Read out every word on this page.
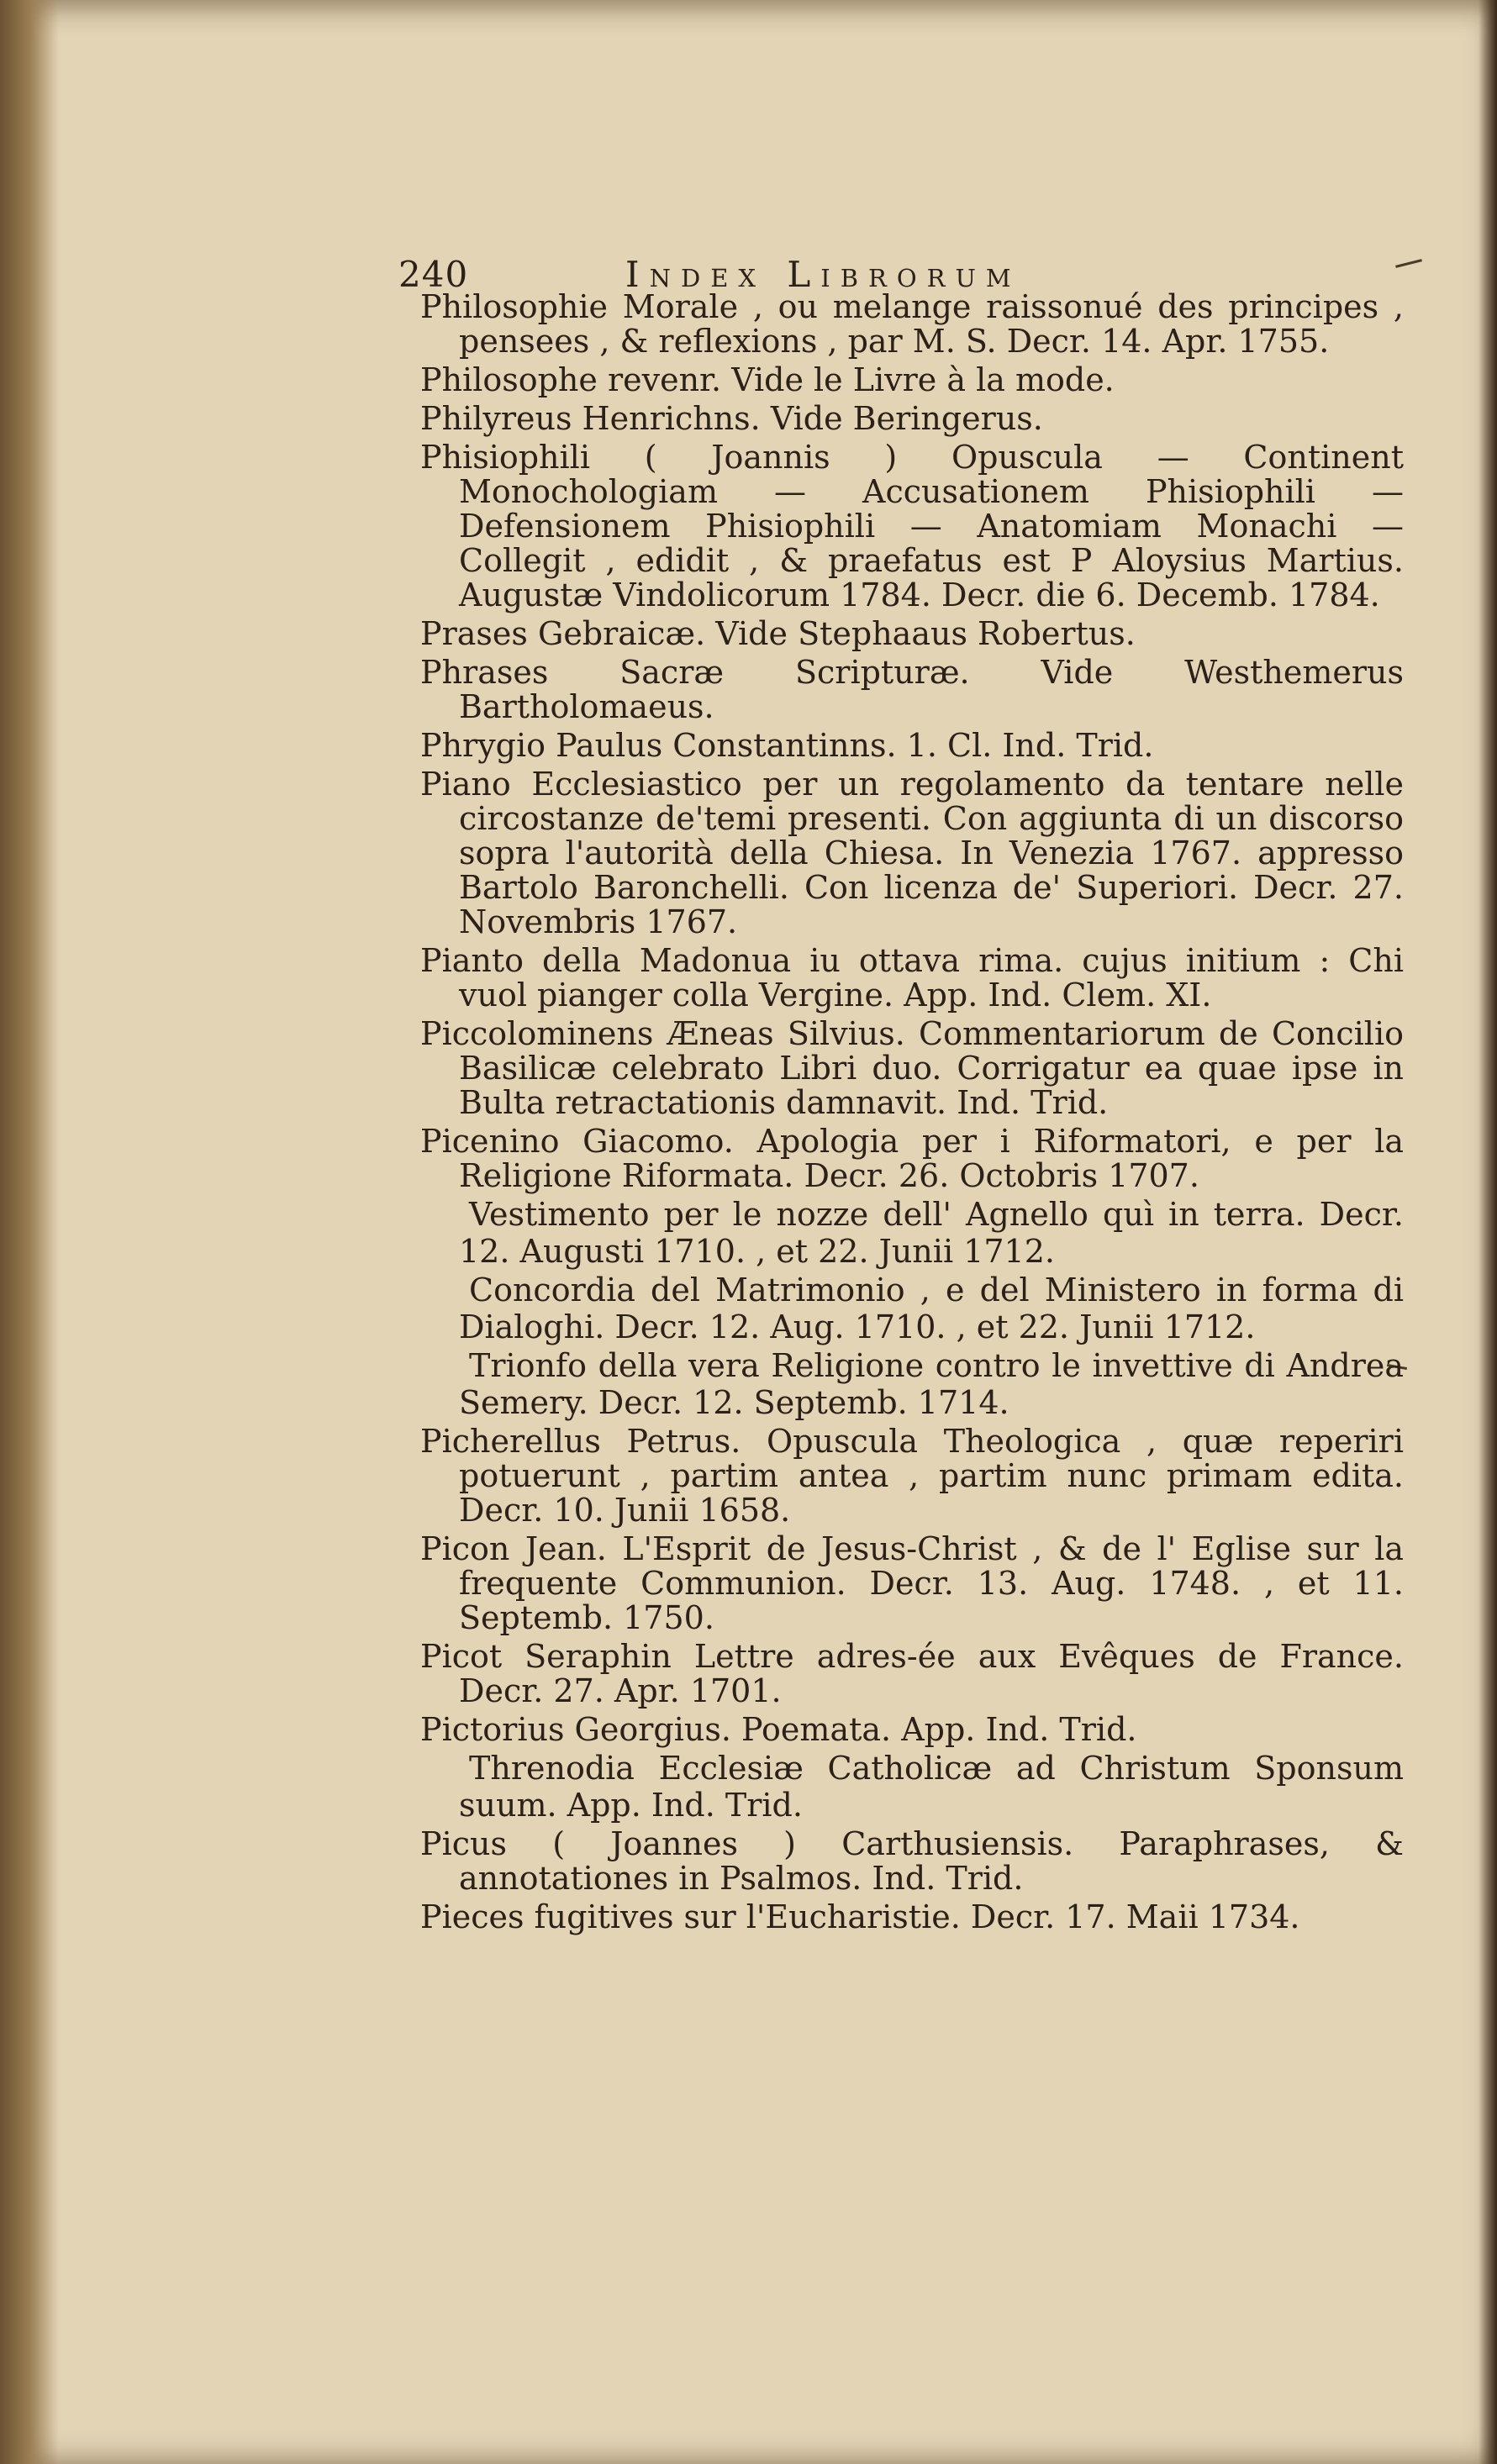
240	Index Librorum
Philosophie Morale , ou melange raissonué des principes , pensees , & reflexions , par M. S. Decr. 14. Apr. 1755.
Philosophe revenr. Vide le Livre à la mode.
Philyreus Henrichns. Vide Beringerus.
Phisiophili ( Joannis ) Opuscula — Continent Monochologiam — Accusationem Phisiophili — Defensionem Phisiophili — Anatomiam Monachi — Collegit , edidit , & praefatus est P Aloysius Martius. Augustæ Vindolicorum 1784. Decr. die 6. Decemb. 1784.
Prases Gebraicæ. Vide Stephaaus Robertus.
Phrases Sacræ Scripturæ. Vide Westhemerus Bartholomaeus.
Phrygio Paulus Constantinns. 1. Cl. Ind. Trid.
Piano Ecclesiastico per un regolamento da tentare nelle circostanze de'temi presenti. Con aggiunta di un discorso sopra l'autorità della Chiesa. In Venezia 1767. appresso Bartolo Baronchelli. Con licenza de' Superiori. Decr. 27. Novembris 1767.
Pianto della Madonua iu ottava rima. cujus initium : Chi vuol pianger colla Vergine. App. Ind. Clem. XI.
Piccolominens Æneas Silvius. Commentariorum de Concilio Basilicæ celebrato Libri duo. Corrigatur ea quae ipse in Bulta retractationis damnavit. Ind. Trid.
Picenino Giacomo. Apologia per i Riformatori, e per la Religione Riformata. Decr. 26. Octobris 1707.
Vestimento per le nozze dell' Agnello quì in terra. Decr. 12. Augusti 1710. , et 22. Junii 1712.
Concordia del Matrimonio , e del Ministero in forma di Dialoghi. Decr. 12. Aug. 1710. , et 22. Junii 1712.
Trionfo della vera Religione contro le invettive di Andrea Semery. Decr. 12. Septemb. 1714.
Picherellus Petrus. Opuscula Theologica , quæ reperiri potuerunt , partim antea , partim nunc primam edita. Decr. 10. Junii 1658.
Picon Jean. L'Esprit de Jesus-Christ , & de l' Eglise sur la frequente Communion. Decr. 13. Aug. 1748. , et 11. Septemb. 1750.
Picot Seraphin Lettre adres-ée aux Evêques de France. Decr. 27. Apr. 1701.
Pictorius Georgius. Poemata. App. Ind. Trid.
Threnodia Ecclesiæ Catholicæ ad Christum Sponsum suum. App. Ind. Trid.
Picus ( Joannes ) Carthusiensis. Paraphrases, & annotationes in Psalmos. Ind. Trid.
Pieces fugitives sur l'Eucharistie. Decr. 17. Maii 1734.
